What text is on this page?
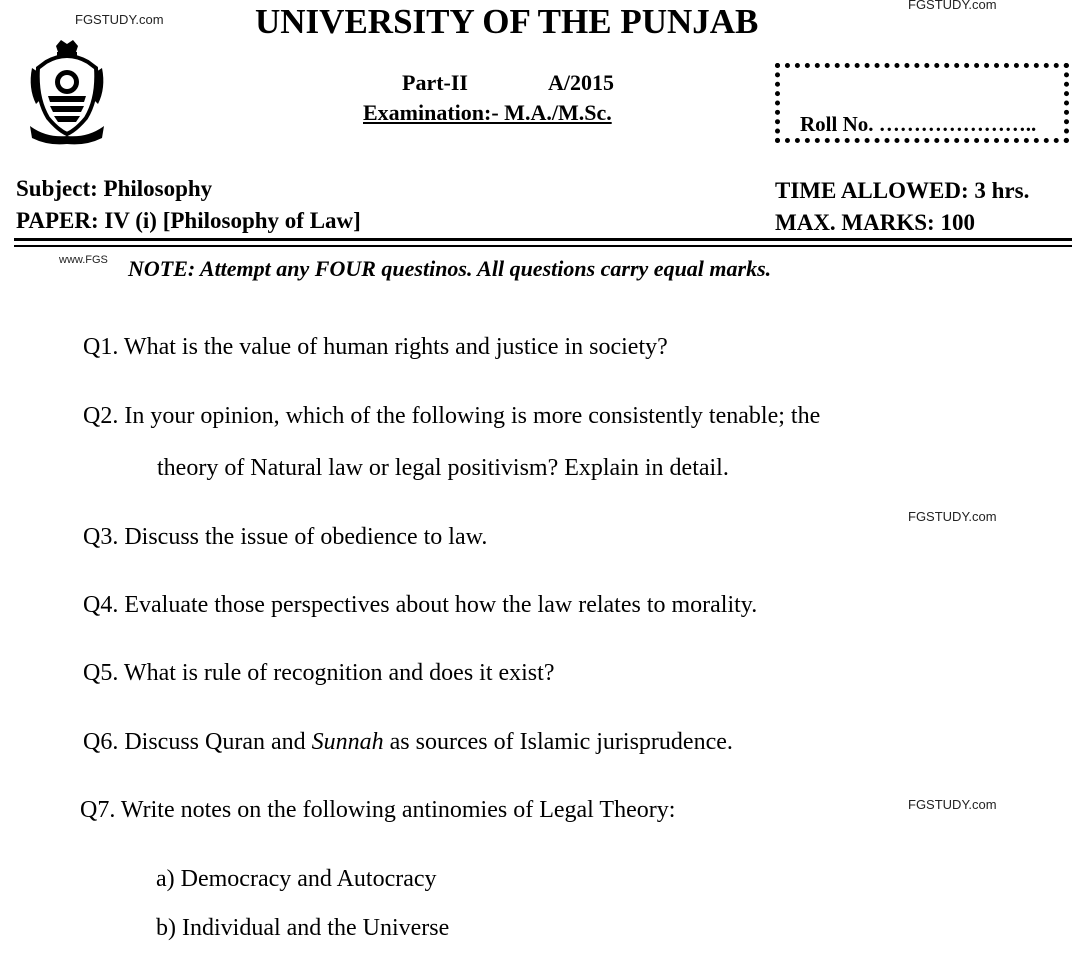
FGSTUDY.com
FGSTUDY.com
www.FGS
FGSTUDY.com
FGSTUDY.com
UNIVERSITY OF THE PUNJAB
Part-II	A/2015
Examination:- M.A./M.Sc.	Roll No. …………………..
Subject: Philosophy
PAPER: IV (i) [Philosophy of Law]
TIME ALLOWED: 3 hrs.
MAX. MARKS: 100
NOTE: Attempt any FOUR questinos. All questions carry equal marks.
Q1. What is the value of human rights and justice in society?
Q2. In your opinion, which of the following is more consistently tenable; the
theory of Natural law or legal positivism? Explain in detail.
Q3. Discuss the issue of obedience to law.
Q4. Evaluate those perspectives about how the law relates to morality.
Q5. What is rule of recognition and does it exist?
Q6. Discuss Quran and Sunnah as sources of Islamic jurisprudence.
Q7. Write notes on the following antinomies of Legal Theory:
a) Democracy and Autocracy
b) Individual and the Universe
